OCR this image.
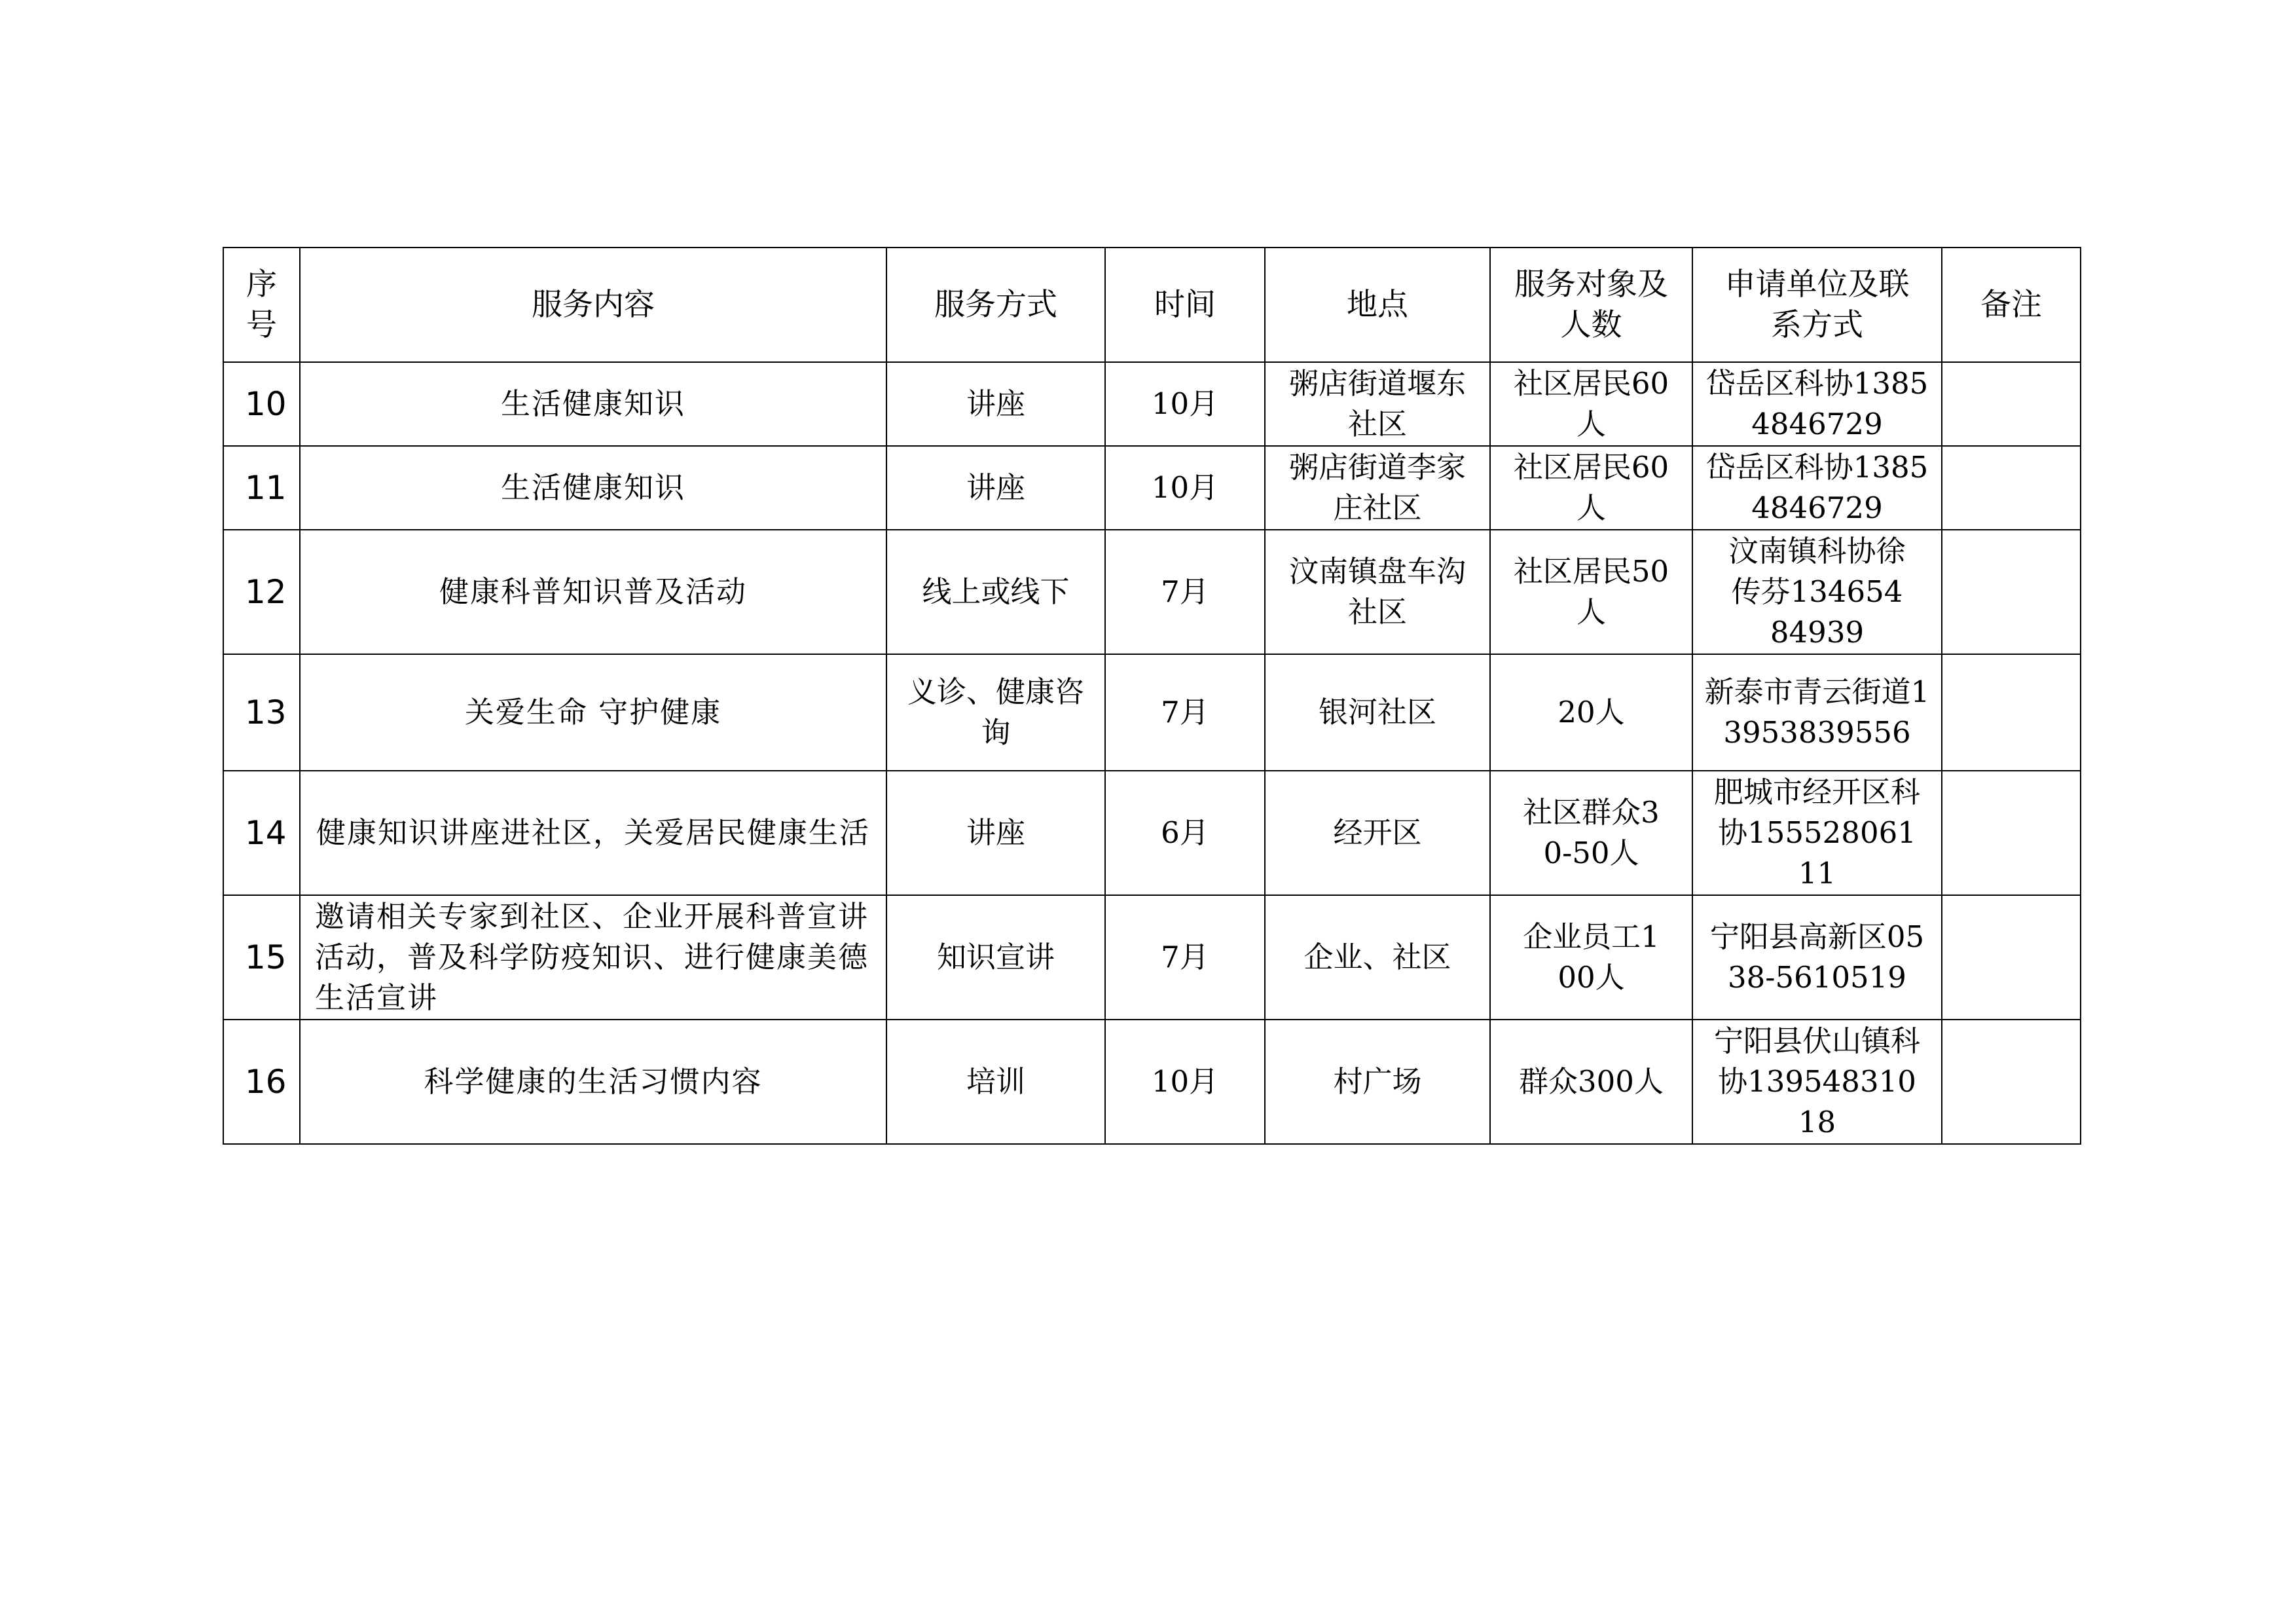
序号	服务内容	服务方式	时间	地点	服务对象及人数	申请单位及联系方式	备注
10	生活健康知识	讲座	10月	粥店街道堰东社区	社区居民60人	岱岳区科协13854846729	
11	生活健康知识	讲座	10月	粥店街道李家庄社区	社区居民60人	岱岳区科协13854846729	
12	健康科普知识普及活动	线上或线下	7月	汶南镇盘车沟社区	社区居民50人	汶南镇科协徐传芬13465484939	
13	关爱生命 守护健康	义诊、健康咨询	7月	银河社区	20人	新泰市青云街道13953839556	
14	健康知识讲座进社区，关爱居民健康生活	讲座	6月	经开区	社区群众30-50人	肥城市经开区科协15552806111	
15	邀请相关专家到社区、企业开展科普宣讲活动，普及科学防疫知识、进行健康美德生活宣讲	知识宣讲	7月	企业、社区	企业员工100人	宁阳县高新区0538-5610519	
16	科学健康的生活习惯内容	培训	10月	村广场	群众300人	宁阳县伏山镇科协13954831018	
